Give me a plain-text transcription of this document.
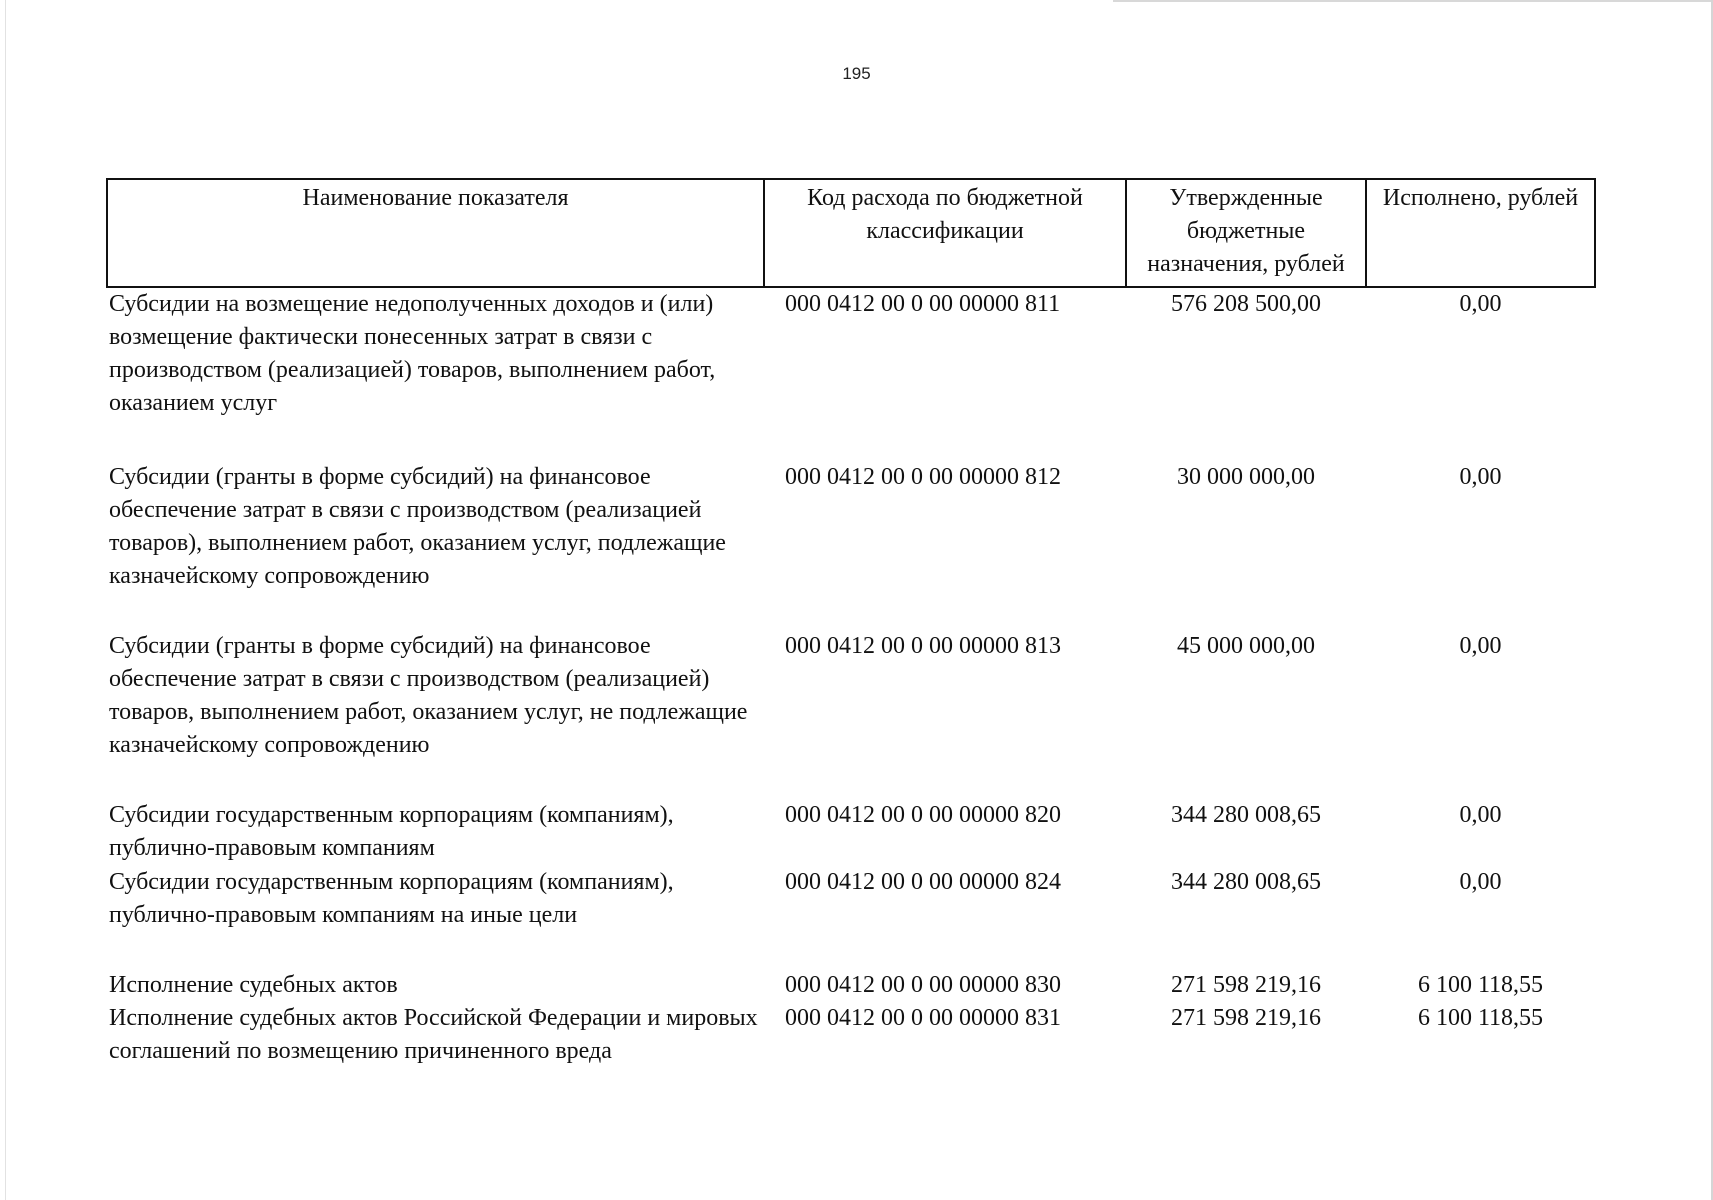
195
Наименование показателя	Код расхода по бюджетной классификации	Утвержденные бюджетные назначения, рублей	Исполнено, рублей
Субсидии на возмещение недополученных доходов и (или) возмещение фактически понесенных затрат в связи с производством (реализацией) товаров, выполнением работ, оказанием услуг	000 0412 00 0 00 00000 811	576 208 500,00	0,00
Субсидии (гранты в форме субсидий) на финансовое обеспечение затрат в связи с производством (реализацией товаров), выполнением работ, оказанием услуг, подлежащие казначейскому сопровождению	000 0412 00 0 00 00000 812	30 000 000,00	0,00
Субсидии (гранты в форме субсидий) на финансовое обеспечение затрат в связи с производством (реализацией) товаров, выполнением работ, оказанием услуг, не подлежащие казначейскому сопровождению	000 0412 00 0 00 00000 813	45 000 000,00	0,00
Субсидии государственным корпорациям (компаниям), публично-правовым компаниям	000 0412 00 0 00 00000 820	344 280 008,65	0,00
Субсидии государственным корпорациям (компаниям), публично-правовым компаниям на иные цели	000 0412 00 0 00 00000 824	344 280 008,65	0,00
Исполнение судебных актов	000 0412 00 0 00 00000 830	271 598 219,16	6 100 118,55
Исполнение судебных актов Российской Федерации и мировых соглашений по возмещению причиненного вреда	000 0412 00 0 00 00000 831	271 598 219,16	6 100 118,55
